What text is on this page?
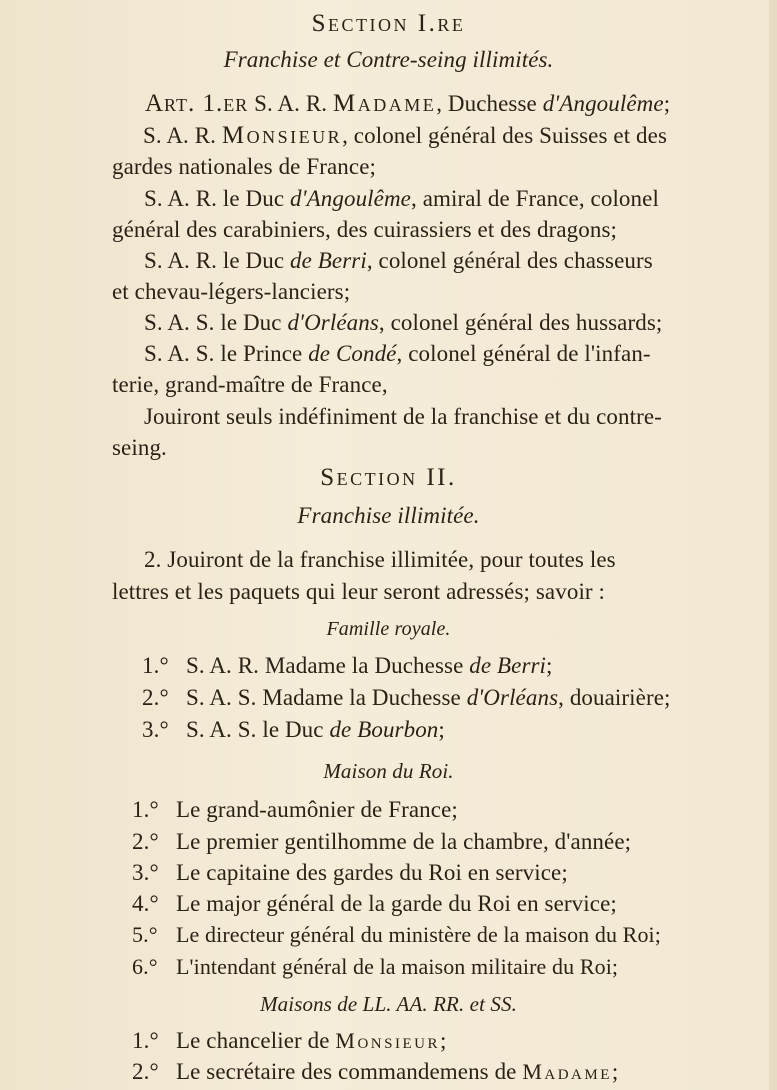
Section I.re
Franchise et Contre-seing illimités.
Art. 1.er S. A. R. Madame, Duchesse d'Angoulême;
S. A. R. Monsieur, colonel général des Suisses et des
gardes nationales de France;
S. A. R. le Duc d'Angoulême, amiral de France, colonel
général des carabiniers, des cuirassiers et des dragons;
S. A. R. le Duc de Berri, colonel général des chasseurs
et chevau-légers-lanciers;
S. A. S. le Duc d'Orléans, colonel général des hussards;
S. A. S. le Prince de Condé, colonel général de l'infan-
terie, grand-maître de France,
Jouiront seuls indéfiniment de la franchise et du contre-
seing.
Section II.
Franchise illimitée.
2. Jouiront de la franchise illimitée, pour toutes les
lettres et les paquets qui leur seront adressés; savoir :
Famille royale.
1.° S. A. R. Madame la Duchesse de Berri;
2.° S. A. S. Madame la Duchesse d'Orléans, douairière;
3.° S. A. S. le Duc de Bourbon;
Maison du Roi.
1.° Le grand-aumônier de France;
2.° Le premier gentilhomme de la chambre, d'année;
3.° Le capitaine des gardes du Roi en service;
4.° Le major général de la garde du Roi en service;
5.° Le directeur général du ministère de la maison du Roi;
6.° L'intendant général de la maison militaire du Roi;
Maisons de LL. AA. RR. et SS.
1.° Le chancelier de Monsieur;
2.° Le secrétaire des commandemens de Madame;
